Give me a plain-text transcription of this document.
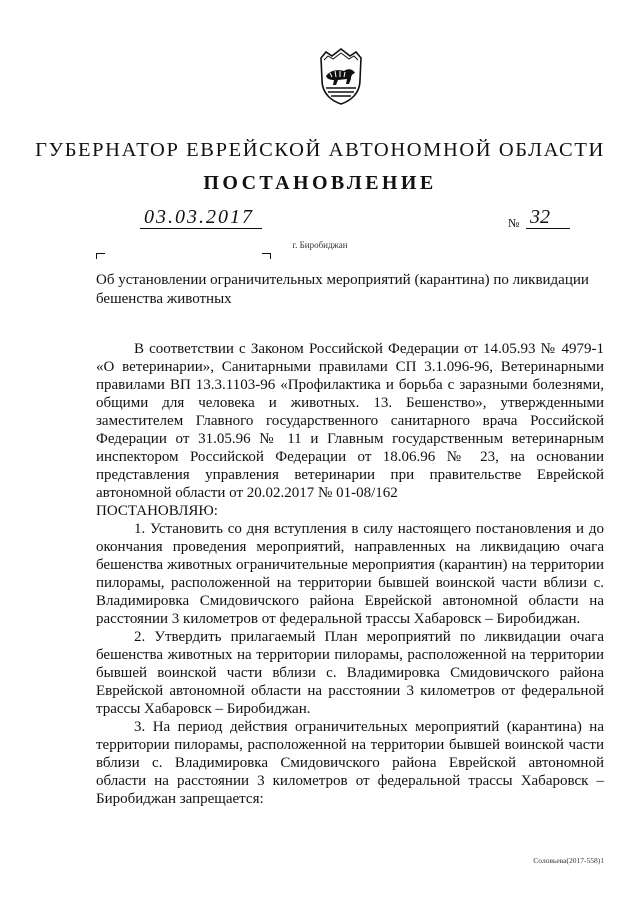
ГУБЕРНАТОР ЕВРЕЙСКОЙ АВТОНОМНОЙ ОБЛАСТИ
ПОСТАНОВЛЕНИЕ
03.03.2017	№ 32
г. Биробиджан
Об установлении ограничительных мероприятий (карантина) по ликвидации бешенства животных

В соответствии с Законом Российской Федерации от 14.05.93 № 4979-1 «О ветеринарии», Санитарными правилами СП 3.1.096-96, Ветеринарными правилами ВП 13.3.1103-96 «Профилактика и борьба с заразными болезнями, общими для человека и животных. 13. Бешенство», утвержденными заместителем Главного государственного санитарного врача Российской Федерации от 31.05.96 № 11 и Главным государственным ветеринарным инспектором Российской Федерации от 18.06.96 № 23, на основании представления управления ветеринарии при правительстве Еврейской автономной области от 20.02.2017 № 01-08/162

ПОСТАНОВЛЯЮ:

1. Установить со дня вступления в силу настоящего постановления и до окончания проведения мероприятий, направленных на ликвидацию очага бешенства животных ограничительные мероприятия (карантин) на территории пилорамы, расположенной на территории бывшей воинской части вблизи с. Владимировка Смидовичского района Еврейской автономной области на расстоянии 3 километров от федеральной трассы Хабаровск – Биробиджан.

2. Утвердить прилагаемый План мероприятий по ликвидации очага бешенства животных на территории пилорамы, расположенной на территории бывшей воинской части вблизи с. Владимировка Смидовичского района Еврейской автономной области на расстоянии 3 километров от федеральной трассы Хабаровск – Биробиджан.

3. На период действия ограничительных мероприятий (карантина) на территории пилорамы, расположенной на территории бывшей воинской части вблизи с. Владимировка Смидовичского района Еврейской автономной области на расстоянии 3 километров от федеральной трассы Хабаровск – Биробиджан запрещается:

Соловьева(2017-558)1
